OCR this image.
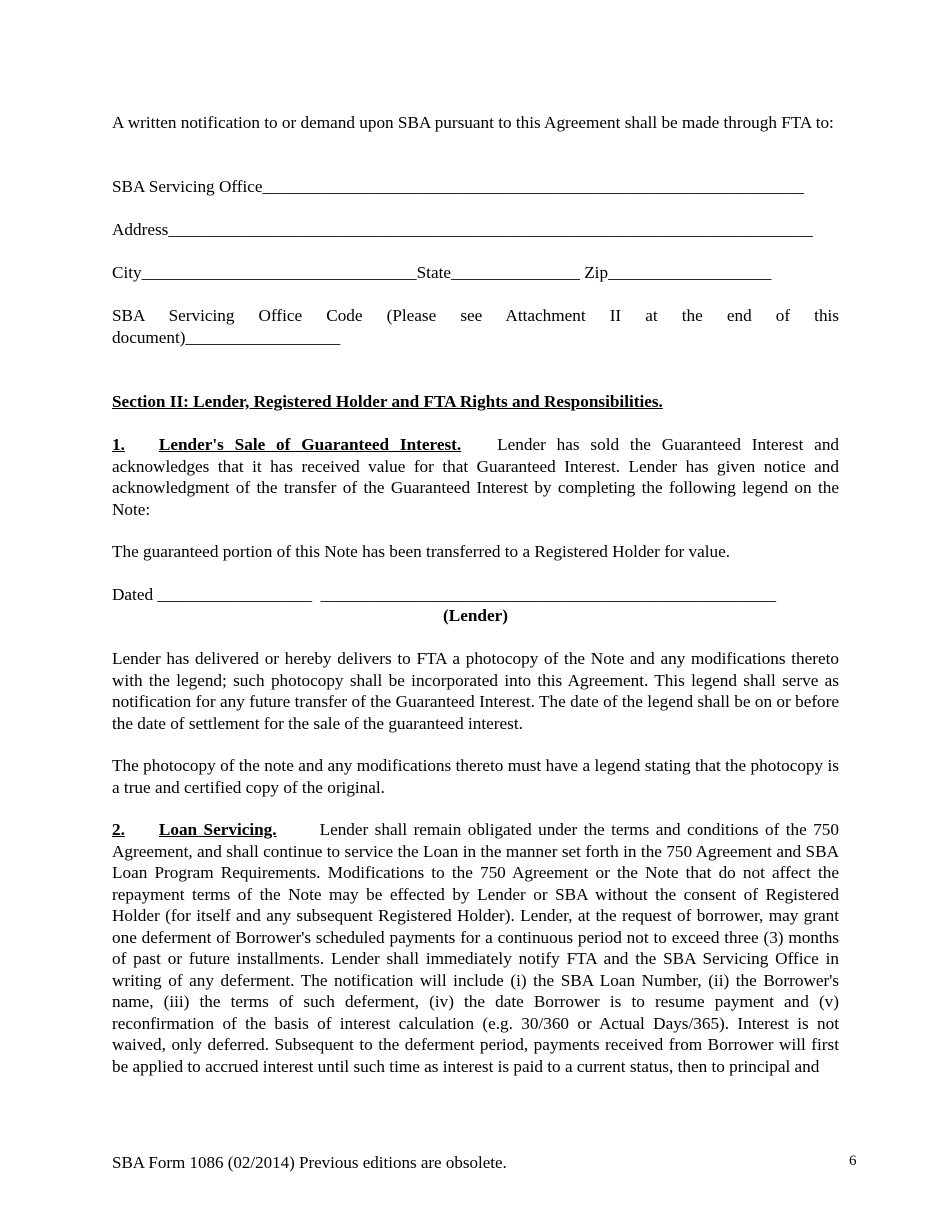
A written notification to or demand upon SBA pursuant to this Agreement shall be made through FTA to:
SBA Servicing Office_______________________________________________________________
Address___________________________________________________________________________
City________________________________State_______________ Zip___________________
SBA Servicing Office Code (Please see Attachment II at the end of this
document)__________________
Section II: Lender, Registered Holder and FTA Rights and Responsibilities.
1. Lender's Sale of Guaranteed Interest. Lender has sold the Guaranteed Interest and acknowledges that it has received value for that Guaranteed Interest. Lender has given notice and acknowledgment of the transfer of the Guaranteed Interest by completing the following legend on the Note:
The guaranteed portion of this Note has been transferred to a Registered Holder for value.
Dated __________________ _____________________________________________________
(Lender)
Lender has delivered or hereby delivers to FTA a photocopy of the Note and any modifications thereto with the legend; such photocopy shall be incorporated into this Agreement. This legend shall serve as notification for any future transfer of the Guaranteed Interest. The date of the legend shall be on or before the date of settlement for the sale of the guaranteed interest.
The photocopy of the note and any modifications thereto must have a legend stating that the photocopy is a true and certified copy of the original.
2. Loan Servicing.	Lender shall remain obligated under the terms and conditions of the 750 Agreement, and shall continue to service the Loan in the manner set forth in the 750 Agreement and SBA Loan Program Requirements. Modifications to the 750 Agreement or the Note that do not affect the repayment terms of the Note may be effected by Lender or SBA without the consent of Registered Holder (for itself and any subsequent Registered Holder). Lender, at the request of borrower, may grant one deferment of Borrower's scheduled payments for a continuous period not to exceed three (3) months of past or future installments. Lender shall immediately notify FTA and the SBA Servicing Office in writing of any deferment. The notification will include (i) the SBA Loan Number, (ii) the Borrower's name, (iii) the terms of such deferment, (iv) the date Borrower is to resume payment and (v) reconfirmation of the basis of interest calculation (e.g. 30/360 or Actual Days/365). Interest is not waived, only deferred. Subsequent to the deferment period, payments received from Borrower will first be applied to accrued interest until such time as interest is paid to a current status, then to principal and
SBA Form 1086 (02/2014) Previous editions are obsolete.	6
